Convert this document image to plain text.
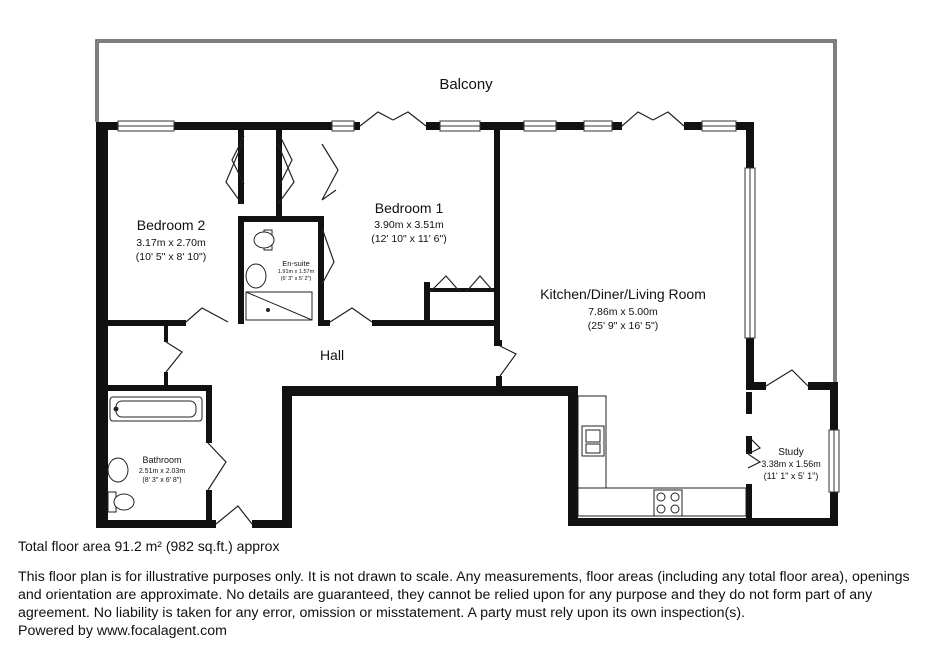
Balcony
Bedroom 2
3.17m x 2.70m
(10' 5" x 8' 10")
Bedroom 1
3.90m x 3.51m
(12' 10" x 11' 6")
En-suite
1.91m x 1.57m
(6' 3" x 5' 2")
Kitchen/Diner/Living Room
7.86m x 5.00m
(25' 9" x 16' 5")
Hall
Bathroom
2.51m x 2.03m
(8' 3" x 6' 8")
Study
3.38m x 1.56m
(11' 1" x 5' 1")
Total floor area 91.2 m² (982 sq.ft.) approx
This floor plan is for illustrative purposes only. It is not drawn to scale. Any measurements, floor areas (including any total floor area), openings and orientation are approximate. No details are guaranteed, they cannot be relied upon for any purpose and they do not form part of any agreement. No liability is taken for any error, omission or misstatement. A party must rely upon its own inspection(s).
Powered by www.focalagent.com
